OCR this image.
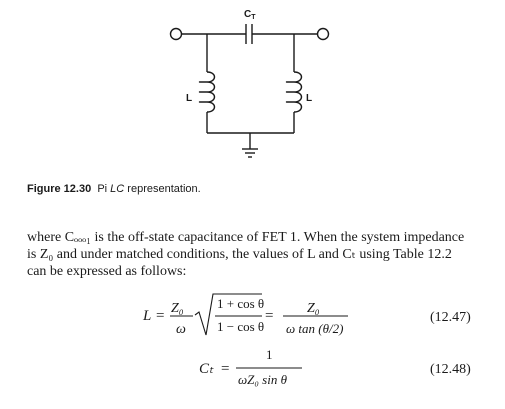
$C_T$
L	L
Figure 12.30 Pi LC representation.

where Cₒₒₒ₁ is the off-state capacitance of FET 1. When the system impedance

is Z₀ and under matched conditions, the values of L and Cₜ using Table 12.2

can be expressed as follows:

L = Z₀
ω
1 + cos θ
1 − cos θ
= Z₀
ω tan (θ/2)
(12.47)
Cₜ =
1
ωZ₀ sin θ
(12.48)
